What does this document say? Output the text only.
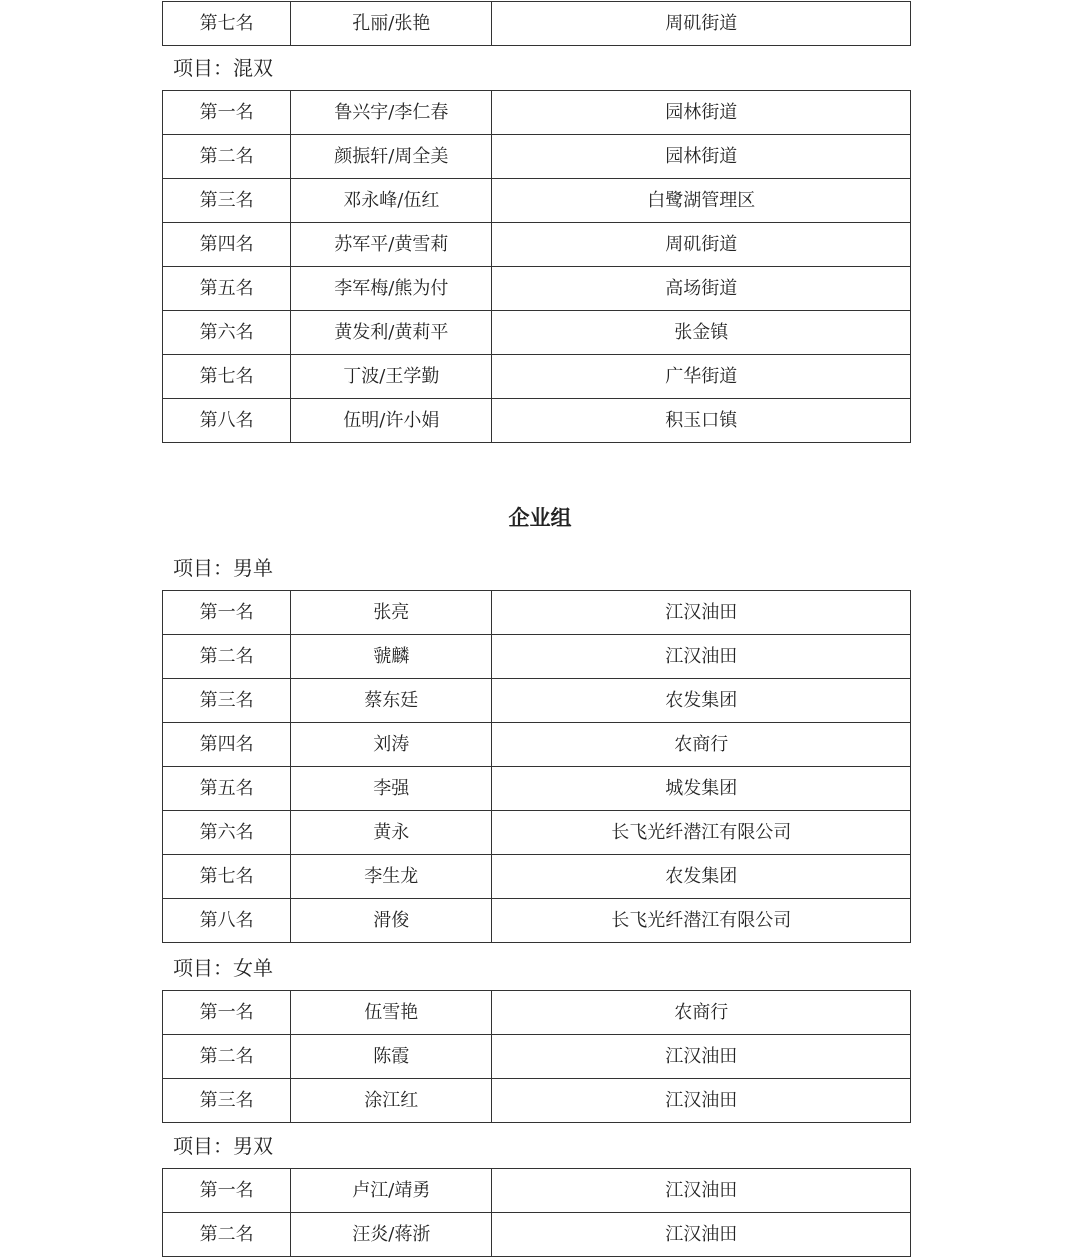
第七名	孔丽/张艳	周矶街道
项目：混双
第一名	鲁兴宇/李仁春	园林街道
第二名	颜振轩/周全美	园林街道
第三名	邓永峰/伍红	白鹭湖管理区
第四名	苏军平/黄雪莉	周矶街道
第五名	李军梅/熊为付	高场街道
第六名	黄发利/黄莉平	张金镇
第七名	丁波/王学勤	广华街道
第八名	伍明/许小娟	积玉口镇
企业组
项目：男单
第一名	张亮	江汉油田
第二名	虢麟	江汉油田
第三名	蔡东廷	农发集团
第四名	刘涛	农商行
第五名	李强	城发集团
第六名	黄永	长飞光纤潜江有限公司
第七名	李生龙	农发集团
第八名	滑俊	长飞光纤潜江有限公司
项目：女单
第一名	伍雪艳	农商行
第二名	陈霞	江汉油田
第三名	涂江红	江汉油田
项目：男双
第一名	卢江/靖勇	江汉油田
第二名	汪炎/蒋浙	江汉油田
